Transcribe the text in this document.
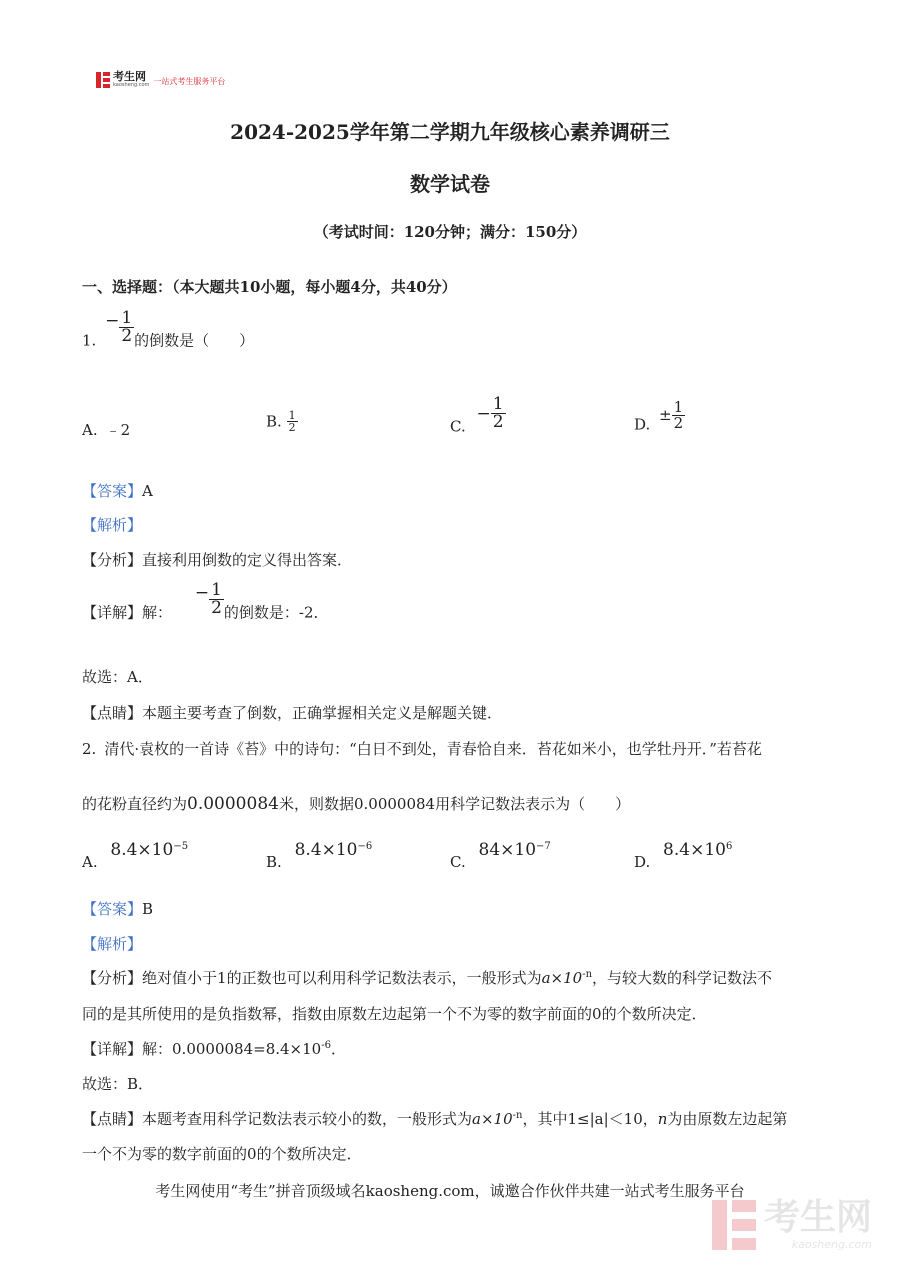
考生网
kaosheng.com 一站式考生服务平台
2024-2025学年第二学期九年级核心素养调研三
数学试卷
（考试时间：120分钟；满分：150分）
一、选择题：（本大题共10小题，每小题4分，共40分）
1. − $\frac{1}{2}$ 的倒数是（　　）
A. ﹣2	B. $\frac{1}{2}$	C. − $\frac{1}{2}$	D. ± $\frac{1}{2}$
【答案】A
【解析】
【分析】直接利用倒数的定义得出答案．
【详解】解： − $\frac{1}{2}$ 的倒数是：-2．
故选：A．
【点睛】本题主要考查了倒数，正确掌握相关定义是解题关键．
2. 清代·袁枚的一首诗《苔》中的诗句：“白日不到处，青春恰自来．苔花如米小，也学牡丹开．”若苔花
的花粉直径约为0.0000084米，则数据0.0000084用科学记数法表示为（　　）
A. $8.4\times 10^{-5}$
B. $8.4\times 10^{-6}$
C. $84\times 10^{-7}$
D. $8.4\times 10^6$
【答案】B
【解析】
【分析】绝对值小于1的正数也可以利用科学记数法表示，一般形式为$a\times 10^{-n}$，与较大数的科学记数法不
同的是其所使用的是负指数幂，指数由原数左边起第一个不为零的数字前面的0的个数所决定．
【详解】解：$0.0000084=8.4\times 10^{-6}$．
故选：B．
【点睛】本题考查用科学记数法表示较小的数，一般形式为$a\times 10^{-n}$，其中1≤|a|＜10，n为由原数左边起第
一个不为零的数字前面的0的个数所决定．
考生网使用“考生”拼音顶级域名kaosheng.com，诚邀合作伙伴共建一站式考生服务平台
考生网
kaosheng.com
